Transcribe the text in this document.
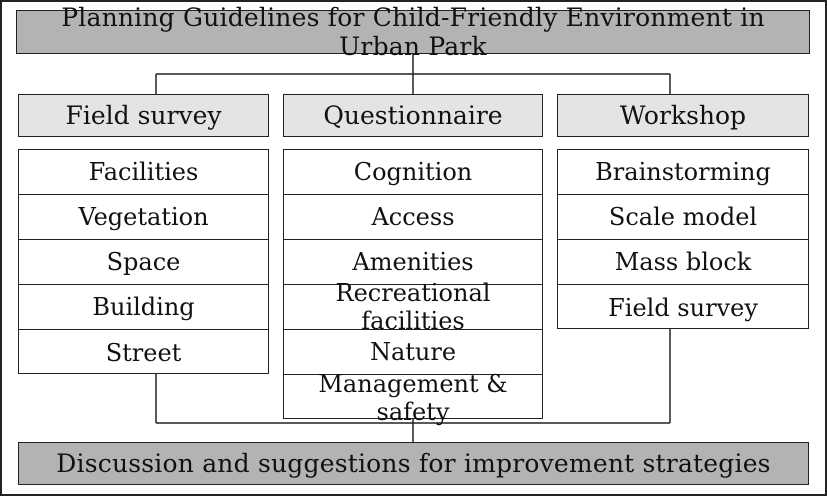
Planning Guidelines for Child-Friendly Environment in Urban Park
Field survey
Facilities
Vegetation
Space
Building
Street
Questionnaire
Cognition
Access
Amenities
Recreational facilities
Nature
Management & safety
Workshop
Brainstorming
Scale model
Mass block
Field survey
Discussion and suggestions for improvement strategies
